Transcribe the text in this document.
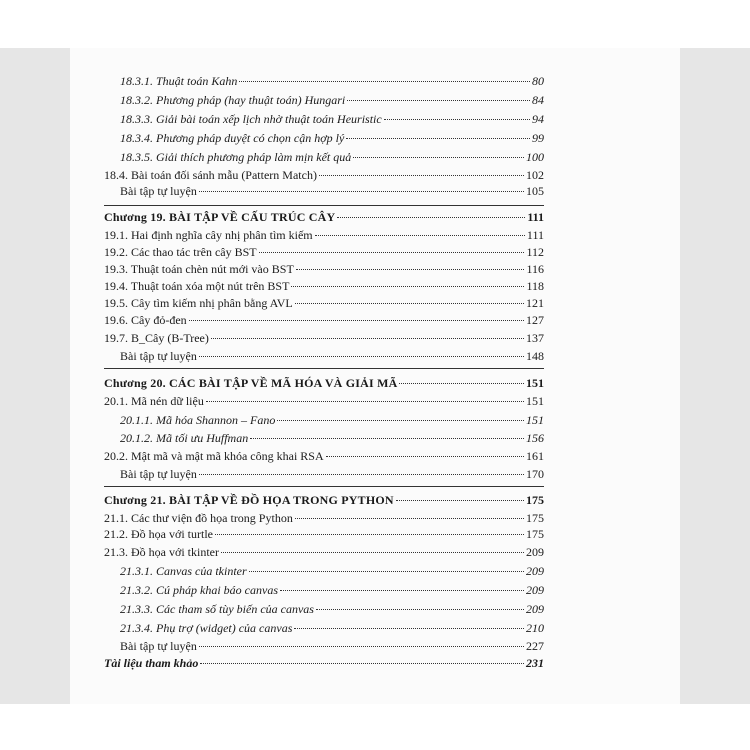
18.3.1. Thuật toán Kahn	80
18.3.2. Phương pháp (hay thuật toán) Hungari	84
18.3.3. Giải bài toán xếp lịch nhờ thuật toán Heuristic	94
18.3.4. Phương pháp duyệt có chọn cận hợp lý	99
18.3.5. Giải thích phương pháp làm mịn kết quả	100
18.4. Bài toán đối sánh mẫu (Pattern Match)	102
Bài tập tự luyện	105
Chương 19. BÀI TẬP VỀ CẤU TRÚC CÂY	111
19.1. Hai định nghĩa cây nhị phân tìm kiếm	111
19.2. Các thao tác trên cây BST	112
19.3. Thuật toán chèn nút mới vào BST	116
19.4. Thuật toán xóa một nút trên BST	118
19.5. Cây tìm kiếm nhị phân bằng AVL	121
19.6. Cây đỏ-đen	127
19.7. B_Cây (B-Tree)	137
Bài tập tự luyện	148
Chương 20. CÁC BÀI TẬP VỀ MÃ HÓA VÀ GIẢI MÃ	151
20.1. Mã nén dữ liệu	151
20.1.1. Mã hóa Shannon – Fano	151
20.1.2. Mã tối ưu Huffman	156
20.2. Mật mã và mật mã khóa công khai RSA	161
Bài tập tự luyện	170
Chương 21. BÀI TẬP VỀ ĐỒ HỌA TRONG PYTHON	175
21.1. Các thư viện đồ họa trong Python	175
21.2. Đồ họa với turtle	175
21.3. Đồ họa với tkinter	209
21.3.1. Canvas của tkinter	209
21.3.2. Cú pháp khai báo canvas	209
21.3.3. Các tham số tùy biến của canvas	209
21.3.4. Phụ trợ (widget) của canvas	210
Bài tập tự luyện	227
Tài liệu tham khảo	231
